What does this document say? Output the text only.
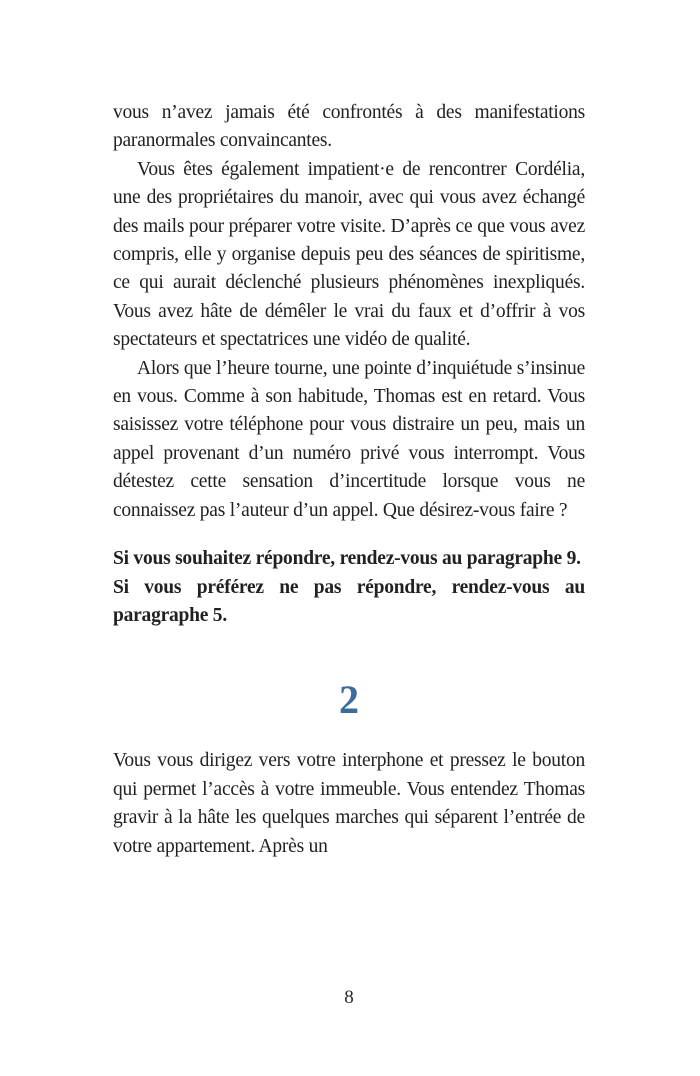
vous n’avez jamais été confrontés à des manifestations paranormales convaincantes.

Vous êtes également impatient·e de rencontrer Cordélia, une des propriétaires du manoir, avec qui vous avez échangé des mails pour préparer votre visite. D’après ce que vous avez compris, elle y organise depuis peu des séances de spiritisme, ce qui aurait déclenché plusieurs phénomènes inexpliqués. Vous avez hâte de démêler le vrai du faux et d’offrir à vos spectateurs et spectatrices une vidéo de qualité.

Alors que l’heure tourne, une pointe d’inquiétude s’insinue en vous. Comme à son habitude, Thomas est en retard. Vous saisissez votre téléphone pour vous distraire un peu, mais un appel provenant d’un numéro privé vous interrompt. Vous détestez cette sensation d’incertitude lorsque vous ne connaissez pas l’auteur d’un appel. Que désirez-vous faire ?

Si vous souhaitez répondre, rendez-vous au paragraphe 9.

Si vous préférez ne pas répondre, rendez-vous au paragraphe 5.

2

Vous vous dirigez vers votre interphone et pressez le bouton qui permet l’accès à votre immeuble. Vous entendez Thomas gravir à la hâte les quelques marches qui séparent l’entrée de votre appartement. Après un

8
